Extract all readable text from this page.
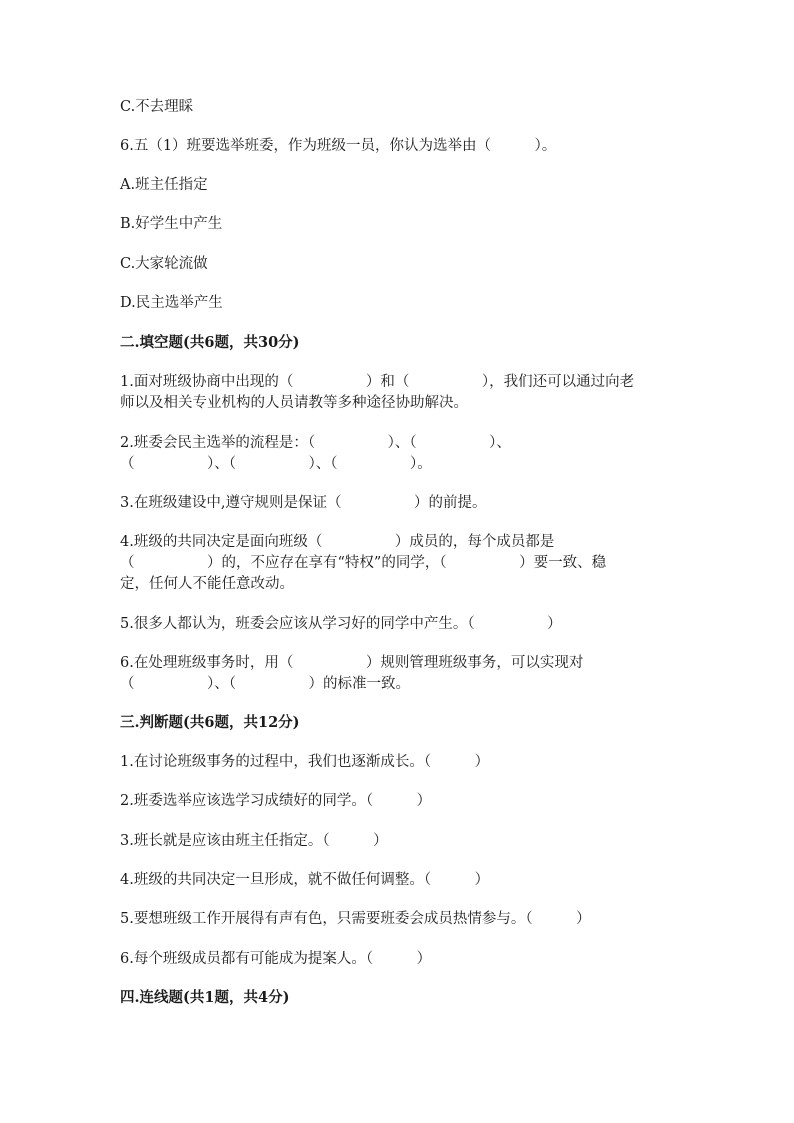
C.不去理睬
6.五（1）班要选举班委，作为班级一员，你认为选举由（　　　）。
A.班主任指定
B.好学生中产生
C.大家轮流做
D.民主选举产生
二.填空题(共6题，共30分)
1.面对班级协商中出现的（　　　　　）和（　　　　　），我们还可以通过向老
师以及相关专业机构的人员请教等多种途径协助解决。
2.班委会民主选举的流程是：（　　　　　）、（　　　　　）、
（　　　　　）、（　　　　　）、（　　　　　）。
3.在班级建设中,遵守规则是保证（　　　　　）的前提。
4.班级的共同决定是面向班级（　　　　　）成员的，每个成员都是
（　　　　　）的，不应存在享有“特权”的同学，（　　　　　）要一致、稳
定，任何人不能任意改动。
5.很多人都认为，班委会应该从学习好的同学中产生。（　　　　　）
6.在处理班级事务时，用（　　　　　）规则管理班级事务，可以实现对
（　　　　　）、（　　　　　）的标准一致。
三.判断题(共6题，共12分)
1.在讨论班级事务的过程中，我们也逐渐成长。（　　　）
2.班委选举应该选学习成绩好的同学。（　　　）
3.班长就是应该由班主任指定。（　　　）
4.班级的共同决定一旦形成，就不做任何调整。（　　　）
5.要想班级工作开展得有声有色，只需要班委会成员热情参与。（　　　）
6.每个班级成员都有可能成为提案人。（　　　）
四.连线题(共1题，共4分)
